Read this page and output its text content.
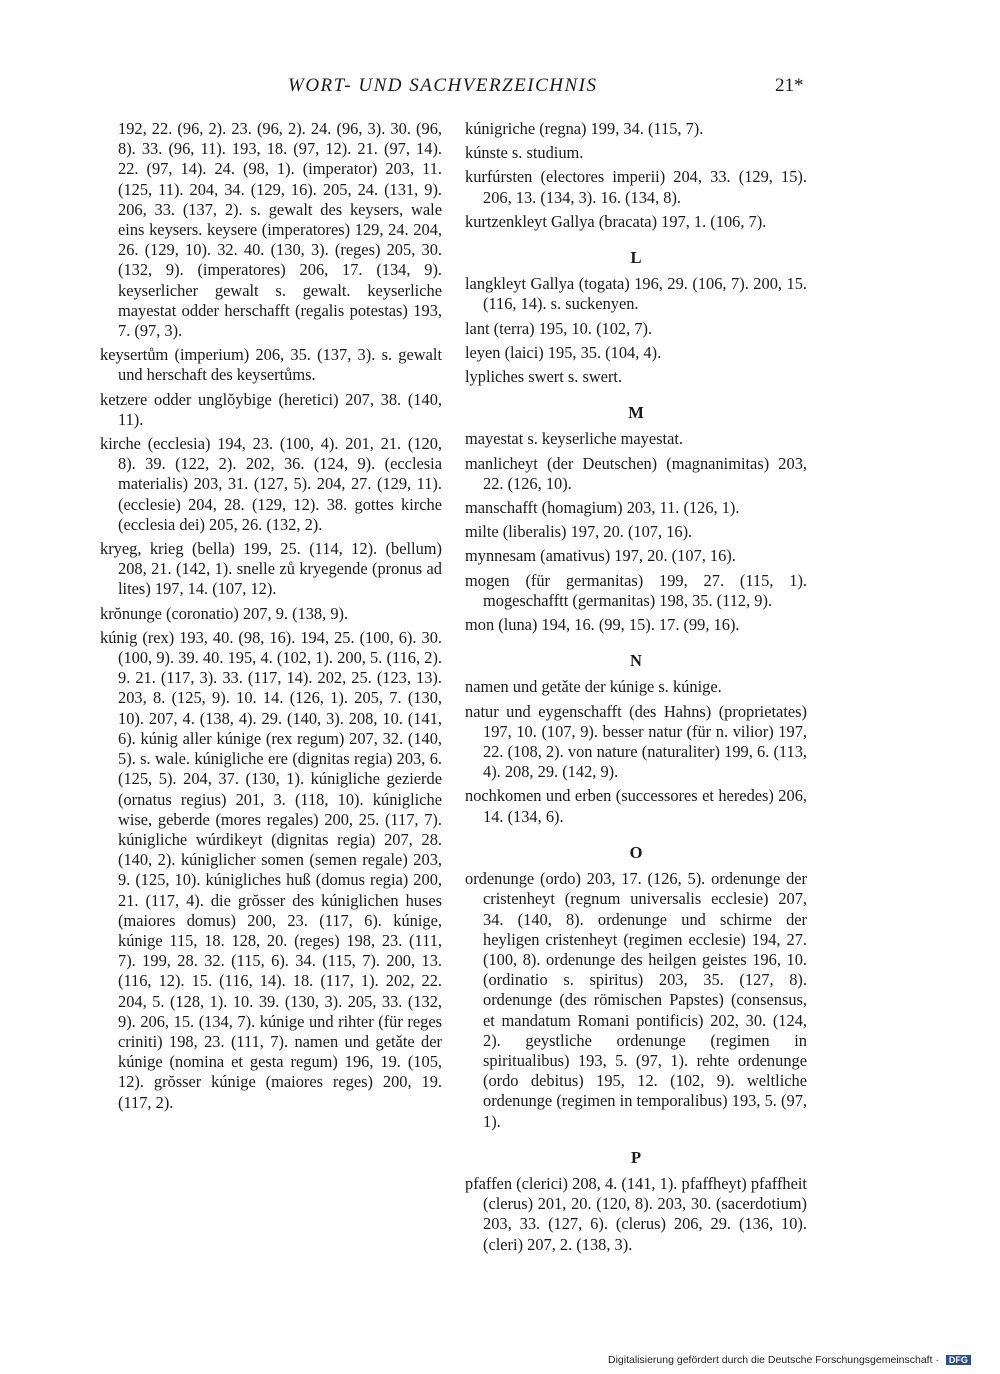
WORT- UND SACHVERZEICHNIS	21*

192, 22. (96, 2). 23. (96, 2). 24. (96, 3). 30. (96, 8). 33. (96, 11). 193, 18. (97, 12). 21. (97, 14). 22. (97, 14). 24. (98, 1). (imperator) 203, 11. (125, 11). 204, 34. (129, 16). 205, 24. (131, 9). 206, 33. (137, 2). s. gewalt des keysers, wale eins keysers. keysere (imperatores) 129, 24. 204, 26. (129, 10). 32. 40. (130, 3). (reges) 205, 30. (132, 9). (imperatores) 206, 17. (134, 9). keyserlicher gewalt s. gewalt. keyserliche mayestat odder herschafft (regalis potestas) 193, 7. (97, 3).

keysertům (imperium) 206, 35. (137, 3). s. gewalt und herschaft des keysertůms.

ketzere odder unglŏybige (heretici) 207, 38. (140, 11).

kirche (ecclesia) 194, 23. (100, 4). 201, 21. (120, 8). 39. (122, 2). 202, 36. (124, 9). (ecclesia materialis) 203, 31. (127, 5). 204, 27. (129, 11). (ecclesie) 204, 28. (129, 12). 38. gottes kirche (ecclesia dei) 205, 26. (132, 2).

kryeg, krieg (bella) 199, 25. (114, 12). (bellum) 208, 21. (142, 1). snelle zů kryegende (pronus ad lites) 197, 14. (107, 12).

krŏnunge (coronatio) 207, 9. (138, 9).

kúnig (rex) 193, 40. (98, 16). 194, 25. (100, 6). 30. (100, 9). 39. 40. 195, 4. (102, 1). 200, 5. (116, 2). 9. 21. (117, 3). 33. (117, 14). 202, 25. (123, 13). 203, 8. (125, 9). 10. 14. (126, 1). 205, 7. (130, 10). 207, 4. (138, 4). 29. (140, 3). 208, 10. (141, 6). kúnig aller kúnige (rex regum) 207, 32. (140, 5). s. wale. kúnigliche ere (dignitas regia) 203, 6. (125, 5). 204, 37. (130, 1). kúnigliche gezierde (ornatus regius) 201, 3. (118, 10). kúnigliche wise, geberde (mores regales) 200, 25. (117, 7). kúnigliche wúrdikeyt (dignitas regia) 207, 28. (140, 2). kúniglicher somen (semen regale) 203, 9. (125, 10). kúnigliches huß (domus regia) 200, 21. (117, 4). die grŏsser des kúniglichen huses (maiores domus) 200, 23. (117, 6). kúnige, kúnige 115, 18. 128, 20. (reges) 198, 23. (111, 7). 199, 28. 32. (115, 6). 34. (115, 7). 200, 13. (116, 12). 15. (116, 14). 18. (117, 1). 202, 22. 204, 5. (128, 1). 10. 39. (130, 3). 205, 33. (132, 9). 206, 15. (134, 7). kúnige und rihter (für reges criniti) 198, 23. (111, 7). namen und getǎte der kúnige (nomina et gesta regum) 196, 19. (105, 12). grŏsser kúnige (maiores reges) 200, 19. (117, 2).

kúnigriche (regna) 199, 34. (115, 7).

kúnste s. studium.

kurfúrsten (electores imperii) 204, 33. (129, 15). 206, 13. (134, 3). 16. (134, 8).

kurtzenkleyt Gallya (bracata) 197, 1. (106, 7).

L

langkleyt Gallya (togata) 196, 29. (106, 7). 200, 15. (116, 14). s. suckenyen.

lant (terra) 195, 10. (102, 7).

leyen (laici) 195, 35. (104, 4).

lypliches swert s. swert.

M

mayestat s. keyserliche mayestat.

manlicheyt (der Deutschen) (magnanimitas) 203, 22. (126, 10).

manschafft (homagium) 203, 11. (126, 1).

milte (liberalis) 197, 20. (107, 16).

mynnesam (amativus) 197, 20. (107, 16).

mogen (für germanitas) 199, 27. (115, 1). mogeschafftt (germanitas) 198, 35. (112, 9).

mon (luna) 194, 16. (99, 15). 17. (99, 16).

N

namen und getǎte der kúnige s. kúnige.

natur und eygenschafft (des Hahns) (proprietates) 197, 10. (107, 9). besser natur (für n. vilior) 197, 22. (108, 2). von nature (naturaliter) 199, 6. (113, 4). 208, 29. (142, 9).

nochkomen und erben (successores et heredes) 206, 14. (134, 6).

O

ordenunge (ordo) 203, 17. (126, 5). ordenunge der cristenheyt (regnum universalis ecclesie) 207, 34. (140, 8). ordenunge und schirme der heyligen cristenheyt (regimen ecclesie) 194, 27. (100, 8). ordenunge des heilgen geistes 196, 10. (ordinatio s. spiritus) 203, 35. (127, 8). ordenunge (des römischen Papstes) (consensus, et mandatum Romani pontificis) 202, 30. (124, 2). geystliche ordenunge (regimen in spiritualibus) 193, 5. (97, 1). rehte ordenunge (ordo debitus) 195, 12. (102, 9). weltliche ordenunge (regimen in temporalibus) 193, 5. (97, 1).

P

pfaffen (clerici) 208, 4. (141, 1). pfaffheyt) pfaffheit (clerus) 201, 20. (120, 8). 203, 30. (sacerdotium) 203, 33. (127, 6). (clerus) 206, 29. (136, 10). (cleri) 207, 2. (138, 3).

Digitalisierung gefördert durch die Deutsche Forschungsgemeinschaft · DFG
